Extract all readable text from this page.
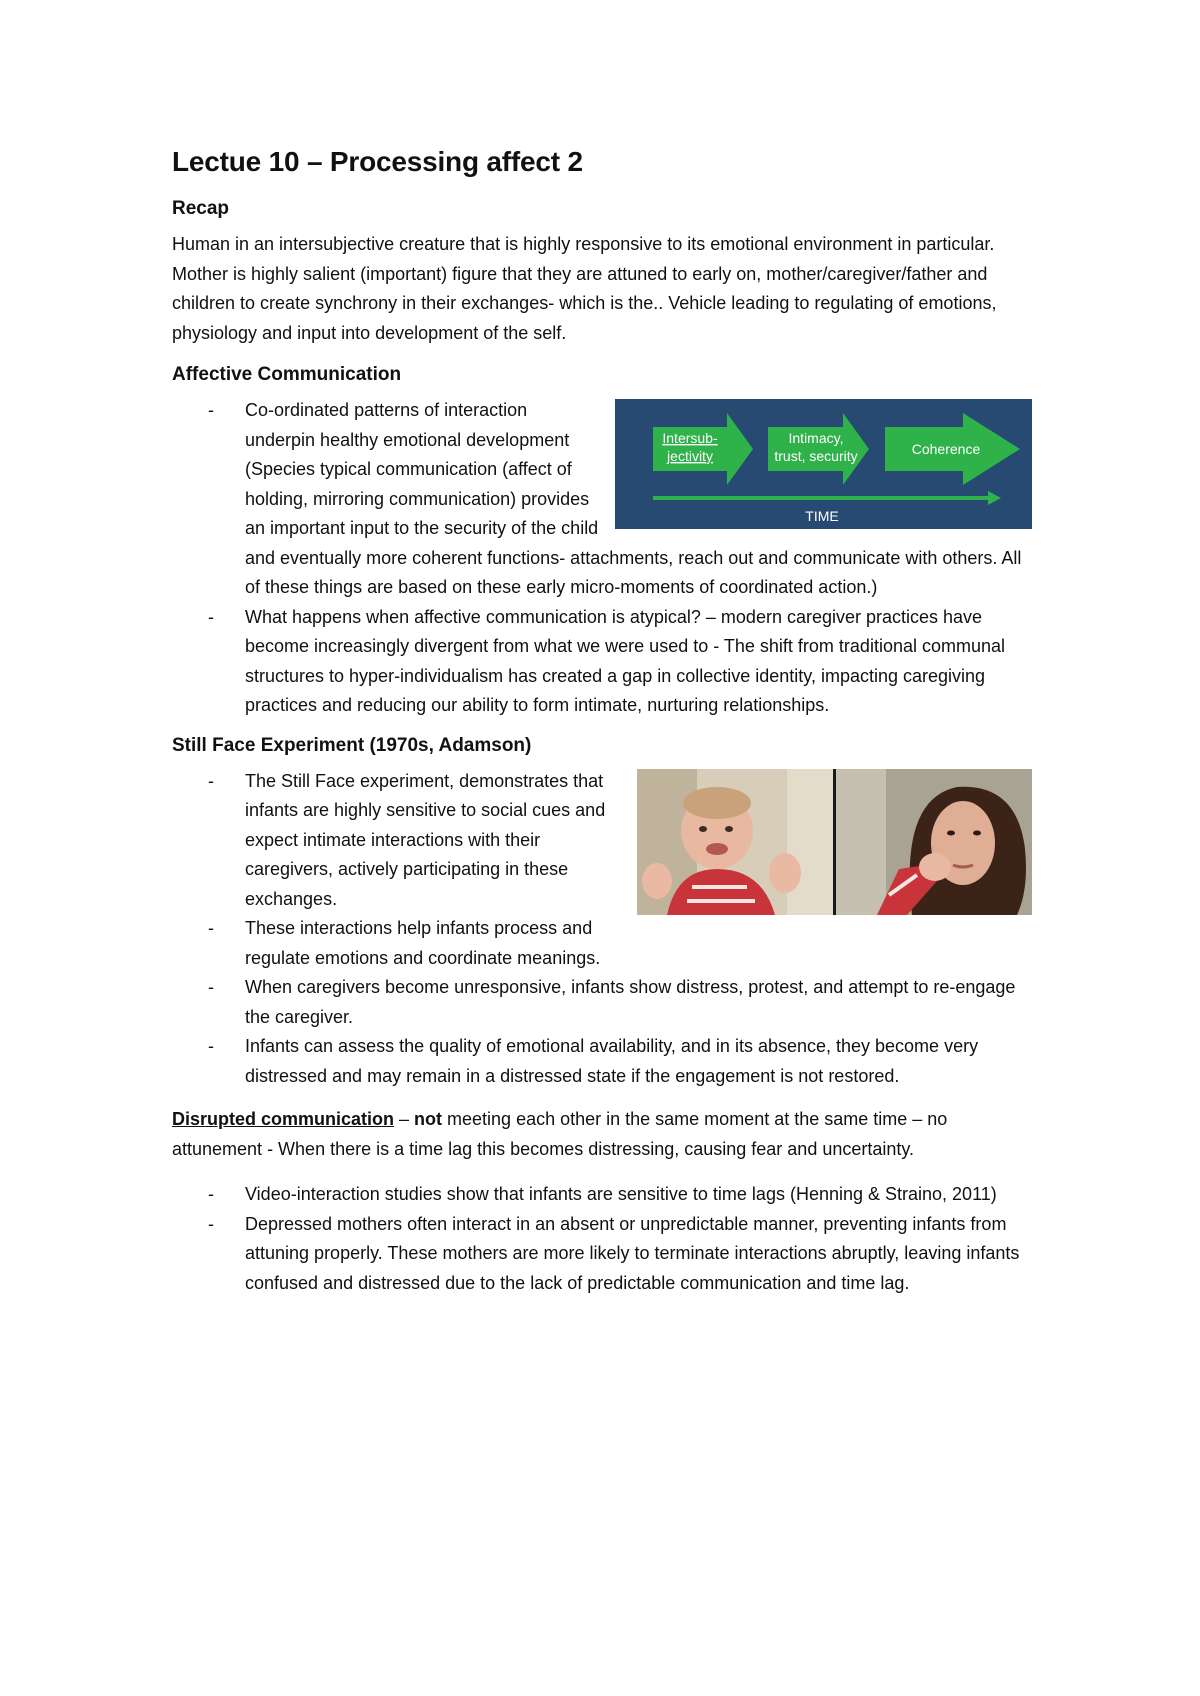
Lectue 10 – Processing affect 2
Recap

Human in an intersubjective creature that is highly responsive to its emotional environment in particular. Mother is highly salient (important) figure that they are attuned to early on, mother/caregiver/father and children to create synchrony in their exchanges- which is the.. Vehicle leading to regulating of emotions, physiology and input into development of the self.

Affective Communication
-
Intersub-
jectivity
Intimacy,
trust, security	Coherence
TIME
Co-ordinated patterns of interaction underpin healthy emotional development (Species typical communication (affect of holding, mirroring communication) provides an important input to the security of the child and eventually more coherent functions- attachments, reach out and communicate with others. All of these things are based on these early micro-moments of coordinated action.)
- What happens when affective communication is atypical? – modern caregiver practices have become increasingly divergent from what we were used to - The shift from traditional communal structures to hyper-individualism has created a gap in collective identity, impacting caregiving practices and reducing our ability to form intimate, nurturing relationships.
Still Face Experiment (1970s, Adamson)
- The Still Face experiment, demonstrates that infants are highly sensitive to social cues and expect intimate interactions with their caregivers, actively participating in these exchanges.
- These interactions help infants process and regulate emotions and coordinate meanings.
- When caregivers become unresponsive, infants show distress, protest, and attempt to re-engage the caregiver.
- Infants can assess the quality of emotional availability, and in its absence, they become very distressed and may remain in a distressed state if the engagement is not restored.

Disrupted communication – not meeting each other in the same moment at the same time – no attunement - When there is a time lag this becomes distressing, causing fear and uncertainty.

- Video-interaction studies show that infants are sensitive to time lags (Henning & Straino, 2011)
- Depressed mothers often interact in an absent or unpredictable manner, preventing infants from attuning properly. These mothers are more likely to terminate interactions abruptly, leaving infants confused and distressed due to the lack of predictable communication and time lag.
